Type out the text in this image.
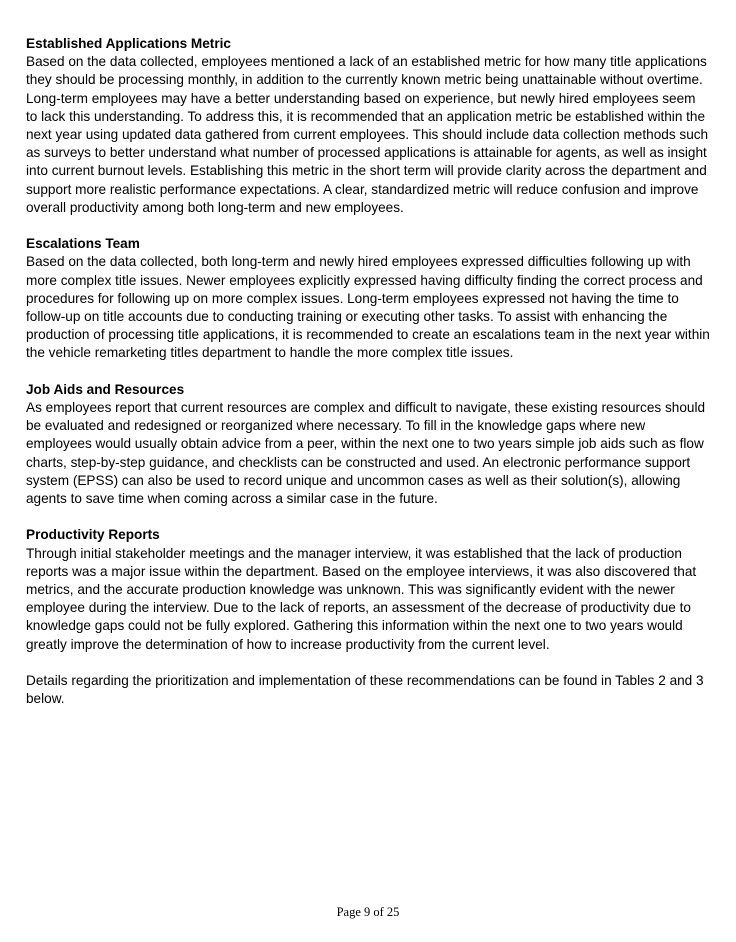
Established Applications Metric
Based on the data collected, employees mentioned a lack of an established metric for how many title applications they should be processing monthly, in addition to the currently known metric being unattainable without overtime. Long-term employees may have a better understanding based on experience, but newly hired employees seem to lack this understanding. To address this, it is recommended that an application metric be established within the next year using updated data gathered from current employees. This should include data collection methods such as surveys to better understand what number of processed applications is attainable for agents, as well as insight into current burnout levels. Establishing this metric in the short term will provide clarity across the department and support more realistic performance expectations. A clear, standardized metric will reduce confusion and improve overall productivity among both long-term and new employees.
Escalations Team
Based on the data collected, both long-term and newly hired employees expressed difficulties following up with more complex title issues. Newer employees explicitly expressed having difficulty finding the correct process and procedures for following up on more complex issues. Long-term employees expressed not having the time to follow-up on title accounts due to conducting training or executing other tasks. To assist with enhancing the production of processing title applications, it is recommended to create an escalations team in the next year within the vehicle remarketing titles department to handle the more complex title issues.
Job Aids and Resources
As employees report that current resources are complex and difficult to navigate, these existing resources should be evaluated and redesigned or reorganized where necessary. To fill in the knowledge gaps where new employees would usually obtain advice from a peer, within the next one to two years simple job aids such as flow charts, step-by-step guidance, and checklists can be constructed and used. An electronic performance support system (EPSS) can also be used to record unique and uncommon cases as well as their solution(s), allowing agents to save time when coming across a similar case in the future.
Productivity Reports
Through initial stakeholder meetings and the manager interview, it was established that the lack of production reports was a major issue within the department. Based on the employee interviews, it was also discovered that metrics, and the accurate production knowledge was unknown. This was significantly evident with the newer employee during the interview. Due to the lack of reports, an assessment of the decrease of productivity due to knowledge gaps could not be fully explored. Gathering this information within the next one to two years would greatly improve the determination of how to increase productivity from the current level.
Details regarding the prioritization and implementation of these recommendations can be found in Tables 2 and 3 below.
Page 9 of 25
